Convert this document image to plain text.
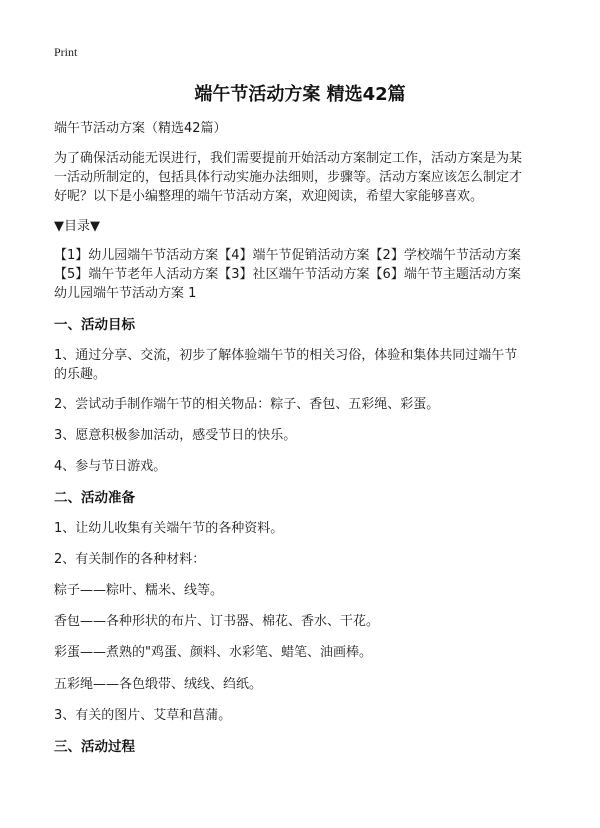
Print
端午节活动方案 精选42篇
端午节活动方案（精选42篇）
为了确保活动能无误进行，我们需要提前开始活动方案制定工作，活动方案是为某
一活动所制定的，包括具体行动实施办法细则，步骤等。活动方案应该怎么制定才
好呢？以下是小编整理的端午节活动方案，欢迎阅读，希望大家能够喜欢。
▼目录▼
【1】幼儿园端午节活动方案【4】端午节促销活动方案【2】学校端午节活动方案
【5】端午节老年人活动方案【3】社区端午节活动方案【6】端午节主题活动方案
幼儿园端午节活动方案 1
一、活动目标
1、通过分享、交流，初步了解体验端午节的相关习俗，体验和集体共同过端午节
的乐趣。
2、尝试动手制作端午节的相关物品：粽子、香包、五彩绳、彩蛋。
3、愿意积极参加活动，感受节日的快乐。
4、参与节日游戏。
二、活动准备
1、让幼儿收集有关端午节的各种资料。
2、有关制作的各种材料：
粽子——粽叶、糯米、线等。
香包——各种形状的布片、订书器、棉花、香水、干花。
彩蛋——煮熟的"鸡蛋、颜料、水彩笔、蜡笔、油画棒。
五彩绳——各色缎带、绒线、绉纸。
3、有关的图片、艾草和菖蒲。
三、活动过程
